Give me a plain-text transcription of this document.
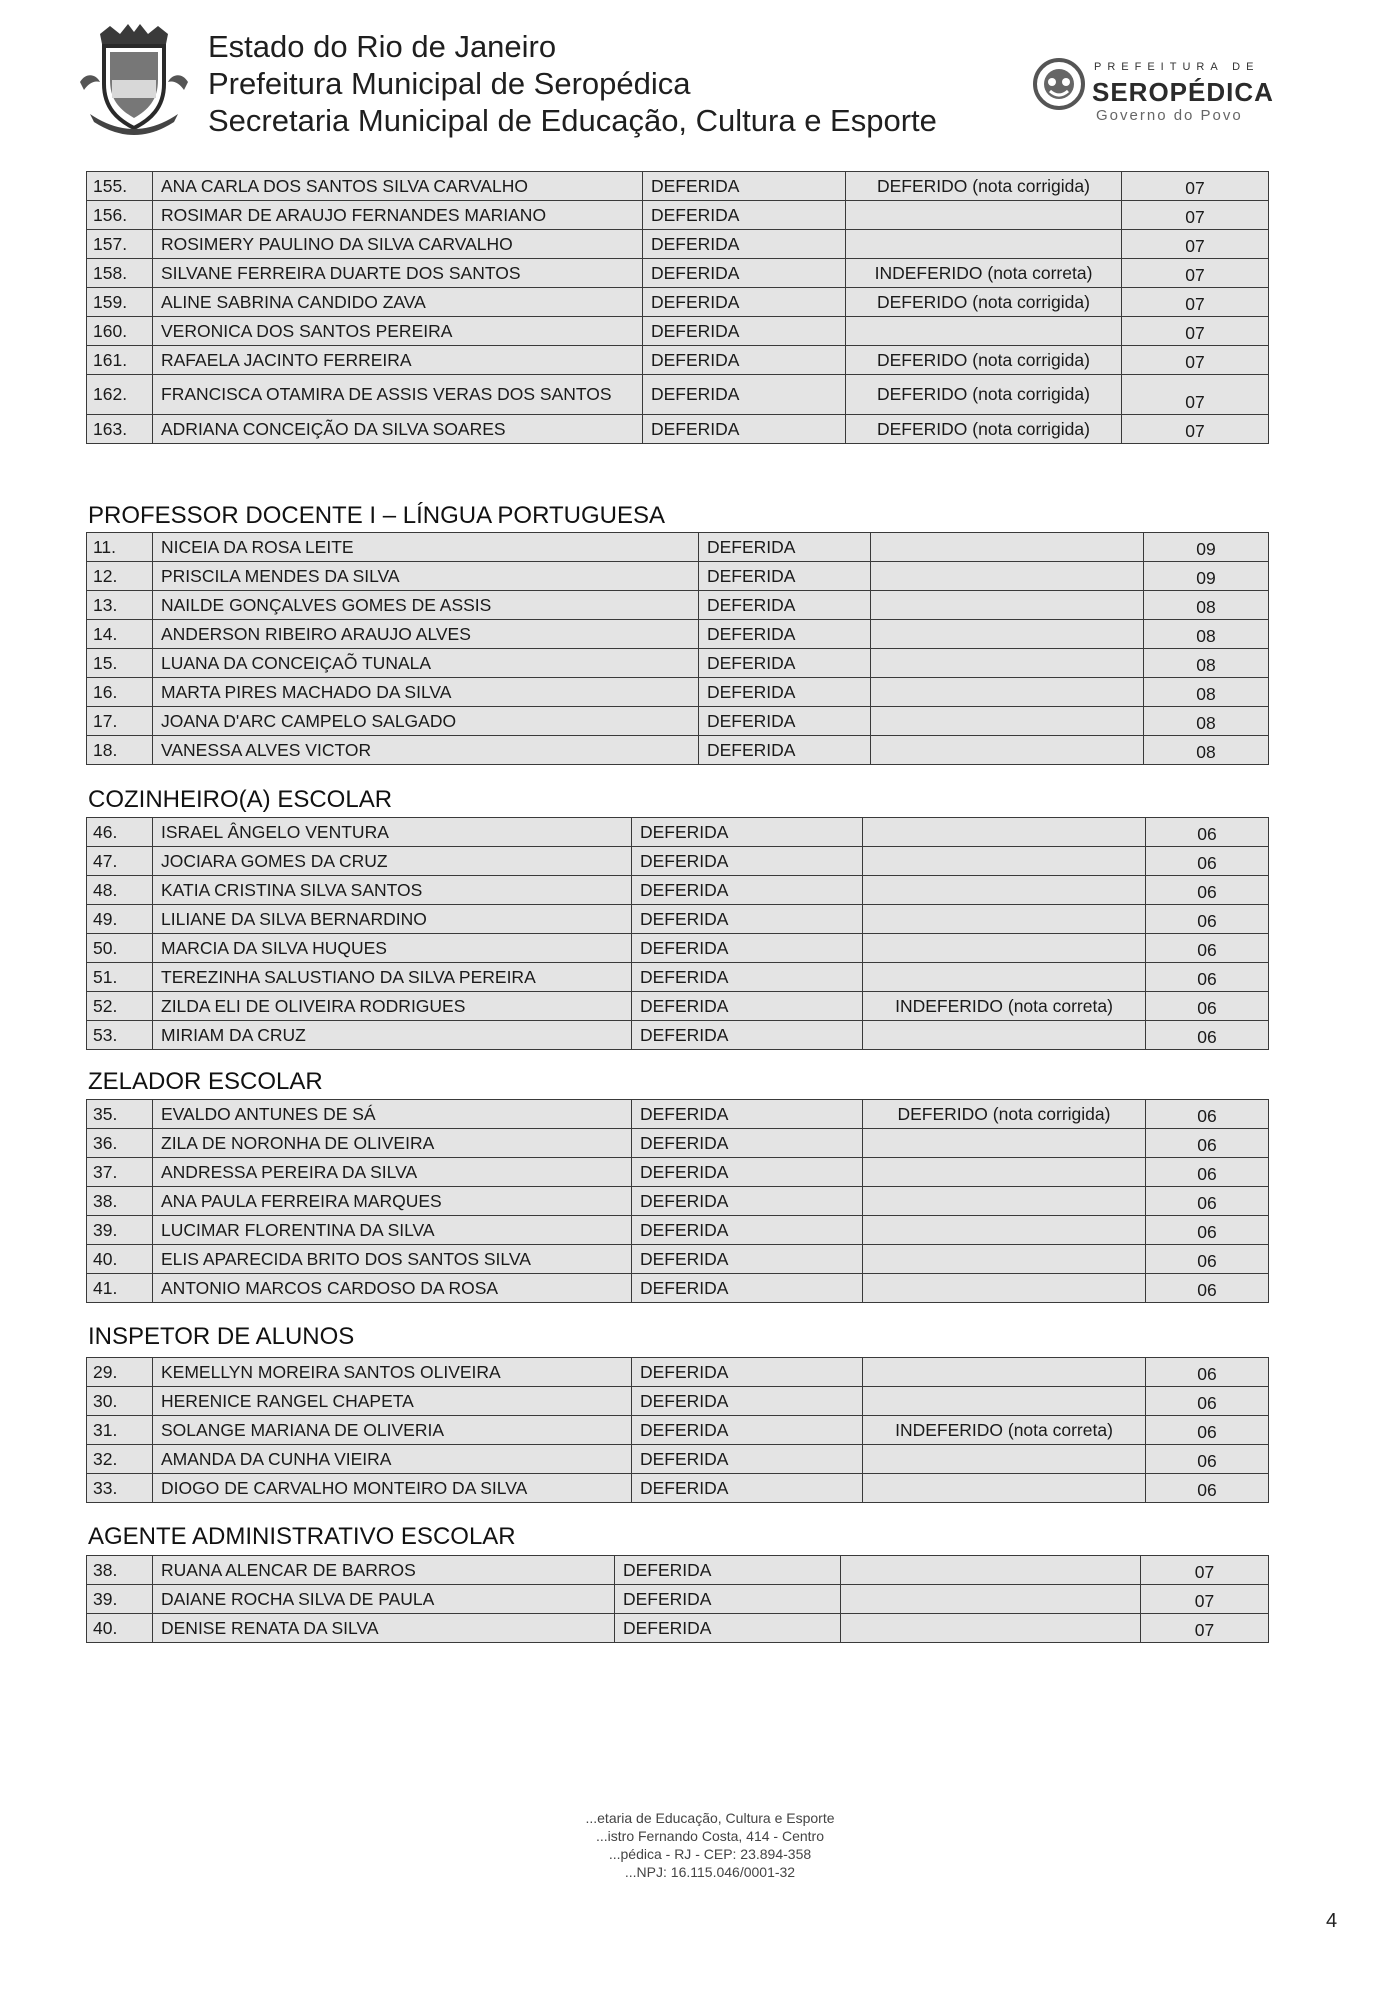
Estado do Rio de Janeiro
Prefeitura Municipal de Seropédica
Secretaria Municipal de Educação, Cultura e Esporte
PREFEITURA DE
SEROPÉDICA
Governo do Povo
155.	ANA CARLA DOS SANTOS SILVA CARVALHO	DEFERIDA	DEFERIDO (nota corrigida)	07
156.	ROSIMAR DE ARAUJO FERNANDES MARIANO	DEFERIDA		07
157.	ROSIMERY PAULINO DA SILVA CARVALHO	DEFERIDA		07
158.	SILVANE FERREIRA DUARTE DOS SANTOS	DEFERIDA	INDEFERIDO (nota correta)	07
159.	ALINE SABRINA CANDIDO ZAVA	DEFERIDA	DEFERIDO (nota corrigida)	07
160.	VERONICA DOS SANTOS PEREIRA	DEFERIDA		07
161.	RAFAELA JACINTO FERREIRA	DEFERIDA	DEFERIDO (nota corrigida)	07
162.	FRANCISCA OTAMIRA DE ASSIS VERAS DOS SANTOS	DEFERIDA	DEFERIDO (nota corrigida)	07
163.	ADRIANA CONCEIÇÃO DA SILVA SOARES	DEFERIDA	DEFERIDO (nota corrigida)	07
PROFESSOR DOCENTE I – LÍNGUA PORTUGUESA
COZINHEIRO(A) ESCOLAR
ZELADOR ESCOLAR
INSPETOR DE ALUNOS
AGENTE ADMINISTRATIVO ESCOLAR
11.	NICEIA DA ROSA LEITE	DEFERIDA		09
12.	PRISCILA MENDES DA SILVA	DEFERIDA		09
13.	NAILDE GONÇALVES GOMES DE ASSIS	DEFERIDA		08
14.	ANDERSON RIBEIRO ARAUJO ALVES	DEFERIDA		08
15.	LUANA DA CONCEIÇAÕ TUNALA	DEFERIDA		08
16.	MARTA PIRES MACHADO DA SILVA	DEFERIDA		08
17.	JOANA D'ARC CAMPELO SALGADO	DEFERIDA		08
18.	VANESSA ALVES VICTOR	DEFERIDA		08
46.	ISRAEL ÂNGELO VENTURA	DEFERIDA		06
47.	JOCIARA GOMES DA CRUZ	DEFERIDA		06
48.	KATIA CRISTINA SILVA SANTOS	DEFERIDA		06
49.	LILIANE DA SILVA BERNARDINO	DEFERIDA		06
50.	MARCIA DA SILVA HUQUES	DEFERIDA		06
51.	TEREZINHA SALUSTIANO DA SILVA PEREIRA	DEFERIDA		06
52.	ZILDA ELI DE OLIVEIRA RODRIGUES	DEFERIDA	INDEFERIDO (nota correta)	06
53.	MIRIAM DA CRUZ	DEFERIDA		06
35.	EVALDO ANTUNES DE SÁ	DEFERIDA	DEFERIDO (nota corrigida)	06
36.	ZILA DE NORONHA DE OLIVEIRA	DEFERIDA		06
37.	ANDRESSA PEREIRA DA SILVA	DEFERIDA		06
38.	ANA PAULA FERREIRA MARQUES	DEFERIDA		06
39.	LUCIMAR FLORENTINA DA SILVA	DEFERIDA		06
40.	ELIS APARECIDA BRITO DOS SANTOS SILVA	DEFERIDA		06
41.	ANTONIO MARCOS CARDOSO DA ROSA	DEFERIDA		06
29.	KEMELLYN MOREIRA SANTOS OLIVEIRA	DEFERIDA		06
30.	HERENICE RANGEL CHAPETA	DEFERIDA		06
31.	SOLANGE MARIANA DE OLIVERIA	DEFERIDA	INDEFERIDO (nota correta)	06
32.	AMANDA DA CUNHA VIEIRA	DEFERIDA		06
33.	DIOGO DE CARVALHO MONTEIRO DA SILVA	DEFERIDA		06
38.	RUANA ALENCAR DE BARROS	DEFERIDA		07
39.	DAIANE ROCHA SILVA DE PAULA	DEFERIDA		07
40.	DENISE RENATA DA SILVA	DEFERIDA		07
...etaria de Educação, Cultura e Esporte
...istro Fernando Costa, 414 - Centro
...pédica - RJ - CEP: 23.894-358
...NPJ: 16.115.046/0001-32
4
